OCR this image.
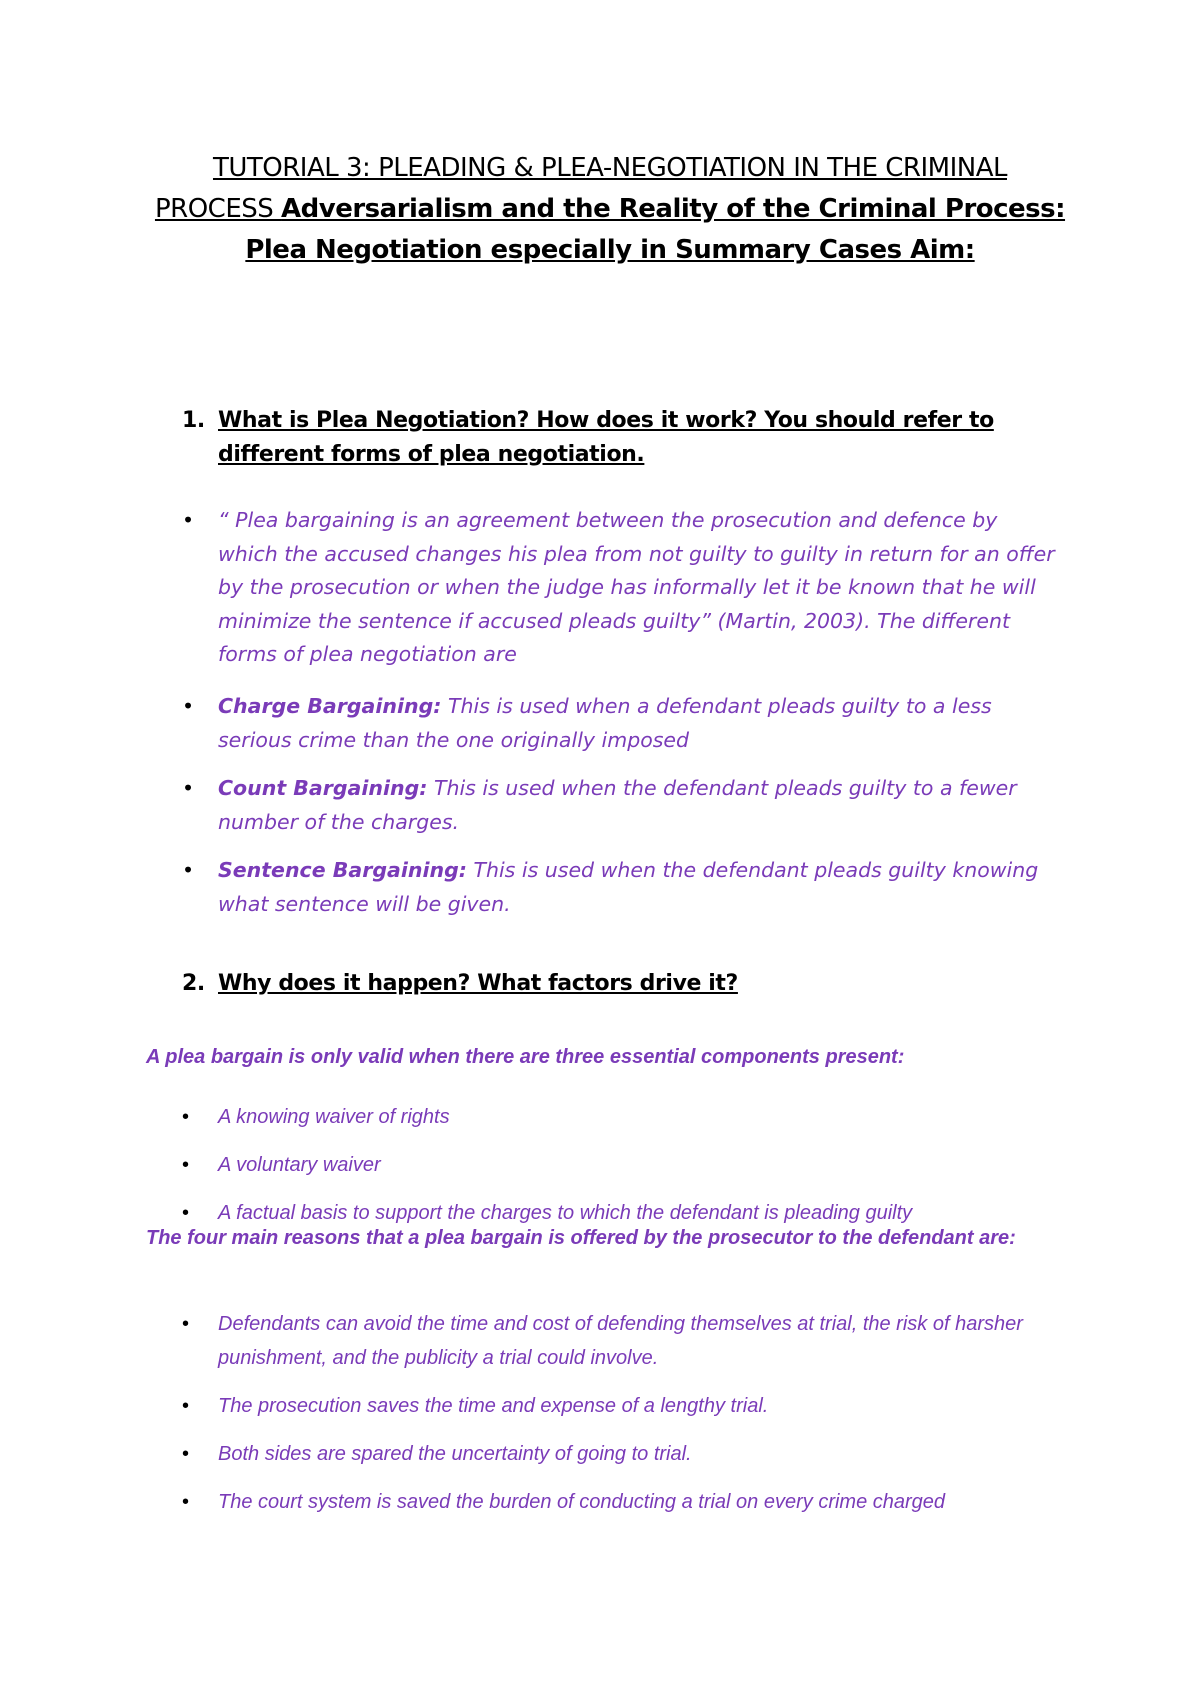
TUTORIAL 3: PLEADING & PLEA-NEGOTIATION IN THE CRIMINAL
PROCESS Adversarialism and the Reality of the Criminal Process:
Plea Negotiation especially in Summary Cases Aim:
1. What is Plea Negotiation? How does it work? You should refer to
different forms of plea negotiation.
• “ Plea bargaining is an agreement between the prosecution and defence by which the accused changes his plea from not guilty to guilty in return for an offer by the prosecution or when the judge has informally let it be known that he will minimize the sentence if accused pleads guilty” (Martin, 2003). The different forms of plea negotiation are
• Charge Bargaining: This is used when a defendant pleads guilty to a less serious crime than the one originally imposed
• Count Bargaining: This is used when the defendant pleads guilty to a fewer number of the charges.
• Sentence Bargaining: This is used when the defendant pleads guilty knowing what sentence will be given.
2. Why does it happen? What factors drive it?
A plea bargain is only valid when there are three essential components present:
• A knowing waiver of rights
• A voluntary waiver
• A factual basis to support the charges to which the defendant is pleading guilty
The four main reasons that a plea bargain is offered by the prosecutor to the defendant are:
• Defendants can avoid the time and cost of defending themselves at trial, the risk of harsher punishment, and the publicity a trial could involve.
• The prosecution saves the time and expense of a lengthy trial.
• Both sides are spared the uncertainty of going to trial.
• The court system is saved the burden of conducting a trial on every crime charged
